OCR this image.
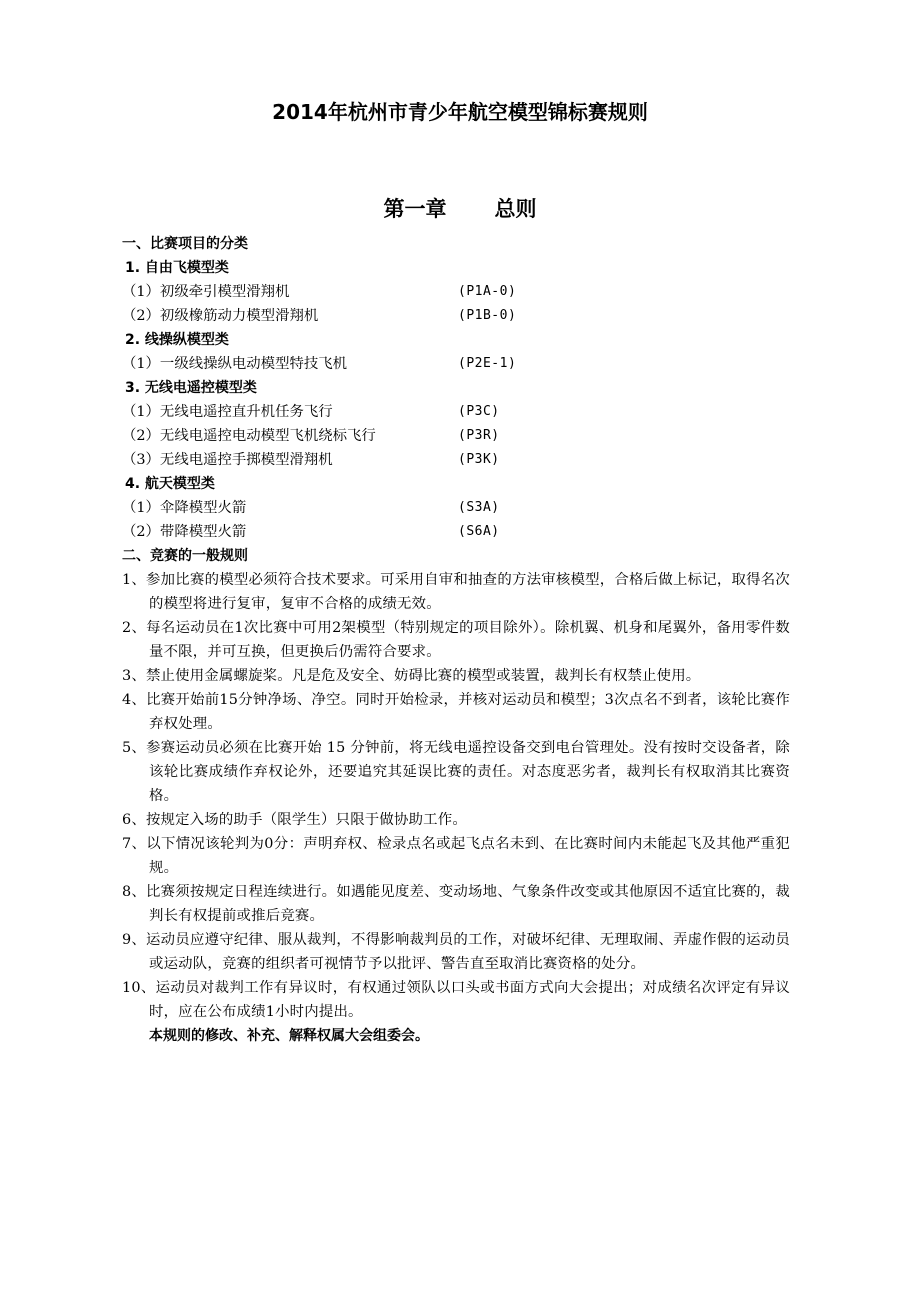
2014年杭州市青少年航空模型锦标赛规则
第一章 总则
一、比赛项目的分类
1. 自由飞模型类
（1）初级牵引模型滑翔机	(P1A-0)
（2）初级橡筋动力模型滑翔机	(P1B-0)
2. 线操纵模型类
（1）一级线操纵电动模型特技飞机	(P2E-1)
3. 无线电遥控模型类
（1）无线电遥控直升机任务飞行	(P3C)
（2）无线电遥控电动模型飞机绕标飞行	(P3R)
（3）无线电遥控手掷模型滑翔机	(P3K)
4. 航天模型类
（1）伞降模型火箭	(S3A)
（2）带降模型火箭	(S6A)
二、竞赛的一般规则
1、参加比赛的模型必须符合技术要求。可采用自审和抽查的方法审核模型，合格后做上标记，取得名次的模型将进行复审，复审不合格的成绩无效。
2、每名运动员在1次比赛中可用2架模型（特别规定的项目除外）。除机翼、机身和尾翼外，备用零件数量不限，并可互换，但更换后仍需符合要求。
3、禁止使用金属螺旋桨。凡是危及安全、妨碍比赛的模型或装置，裁判长有权禁止使用。
4、比赛开始前15分钟净场、净空。同时开始检录，并核对运动员和模型；3次点名不到者，该轮比赛作弃权处理。
5、参赛运动员必须在比赛开始 15 分钟前，将无线电遥控设备交到电台管理处。没有按时交设备者，除该轮比赛成绩作弃权论外，还要追究其延误比赛的责任。对态度恶劣者，裁判长有权取消其比赛资格。
6、按规定入场的助手（限学生）只限于做协助工作。
7、以下情况该轮判为0分：声明弃权、检录点名或起飞点名未到、在比赛时间内未能起飞及其他严重犯规。
8、比赛须按规定日程连续进行。如遇能见度差、变动场地、气象条件改变或其他原因不适宜比赛的，裁判长有权提前或推后竞赛。
9、运动员应遵守纪律、服从裁判，不得影响裁判员的工作，对破坏纪律、无理取闹、弄虚作假的运动员或运动队，竞赛的组织者可视情节予以批评、警告直至取消比赛资格的处分。
10、运动员对裁判工作有异议时，有权通过领队以口头或书面方式向大会提出；对成绩名次评定有异议时，应在公布成绩1小时内提出。
本规则的修改、补充、解释权属大会组委会。
